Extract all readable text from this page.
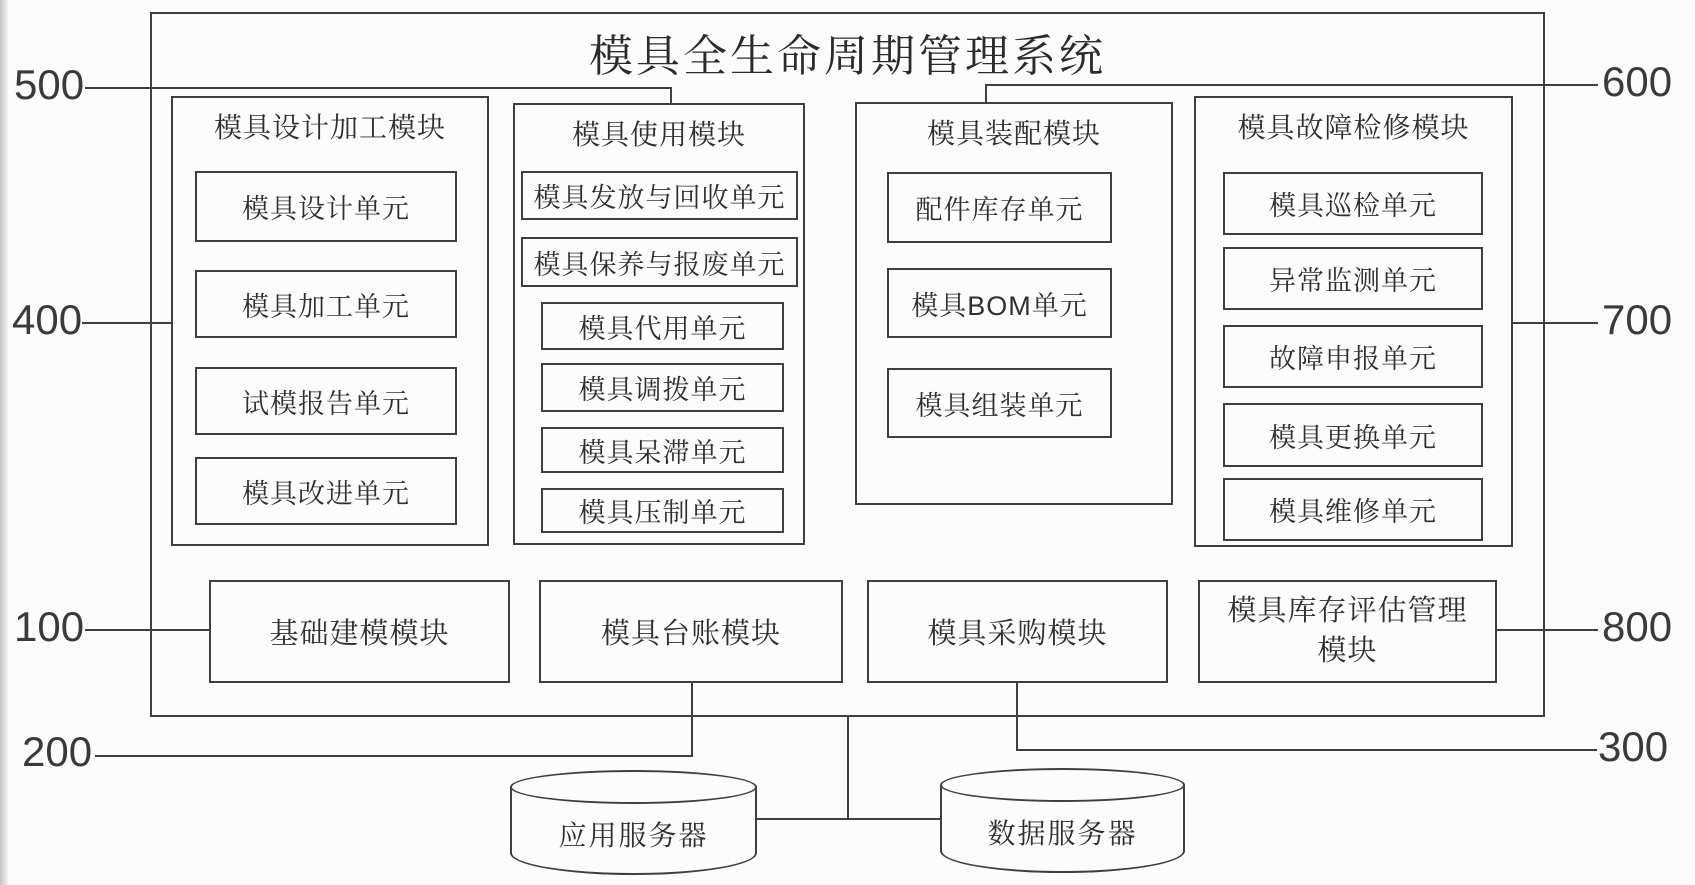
500
400
100
200
600
700
800
300
模具全生命周期管理系统
模具设计加工模块
模具设计单元
模具加工单元
试模报告单元
模具改进单元
模具使用模块
模具发放与回收单元
模具保养与报废单元
模具代用单元
模具调拨单元
模具呆滞单元
模具压制单元
模具装配模块
配件库存单元
模具BOM单元
模具组装单元
模具故障检修模块
模具巡检单元
异常监测单元
故障申报单元
模具更换单元
模具维修单元
基础建模模块	模具台账模块	模具采购模块
模具库存评估管理模块
应用服务器	数据服务器
